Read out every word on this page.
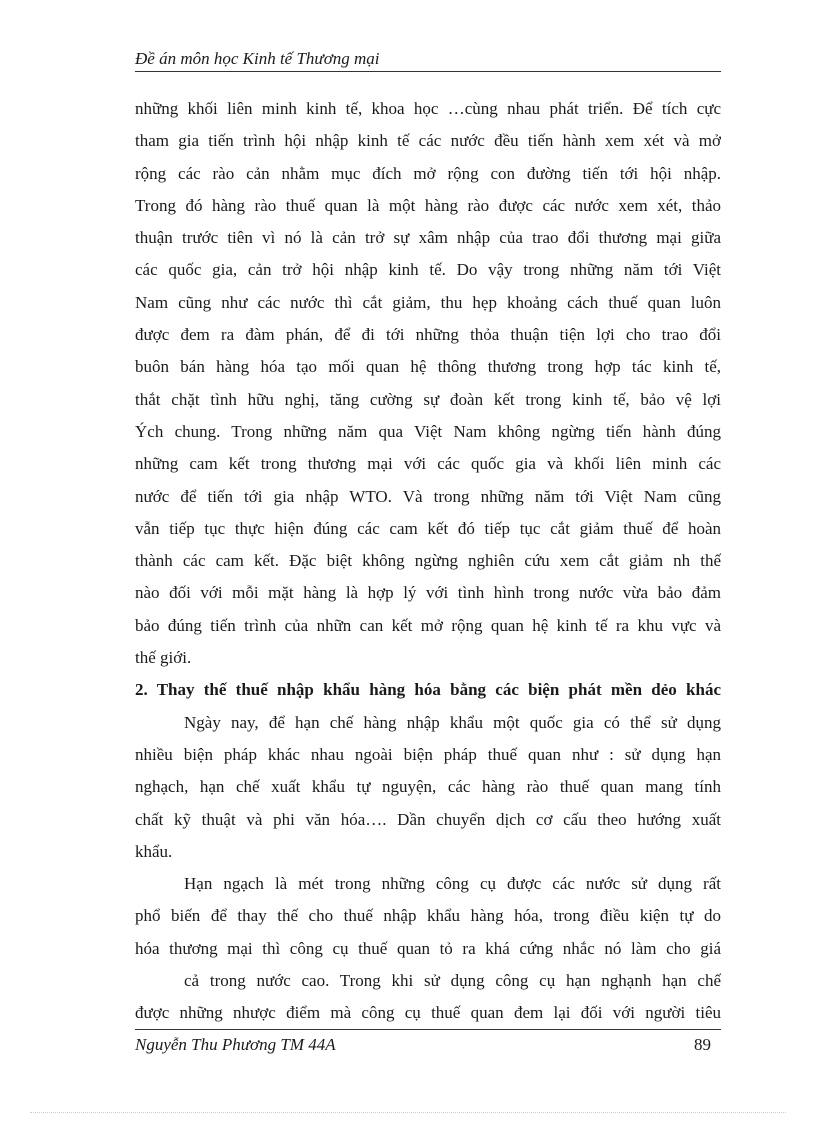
Đề án môn học Kinh tế Thương mại
những khối liên minh kinh tế, khoa học …cùng nhau phát triển. Để tích cực
tham gia tiến trình hội nhập kinh tế các nước đều tiến hành xem xét và mở
rộng các rào cản nhằm mục đích mở rộng con đường tiến tới hội nhập.
Trong đó hàng rào thuế quan là một hàng rào được các nước xem xét, thảo
thuận trước tiên vì nó là cản trở sự xâm nhập của trao đổi thương mại giữa
các quốc gia, cản trở hội nhập kinh tế. Do vậy trong những năm tới Việt
Nam cũng như các nước thì cắt giảm, thu hẹp khoảng cách thuế quan luôn
được đem ra đàm phán, để đi tới những thỏa thuận tiện lợi cho trao đổi
buôn bán hàng hóa tạo mối quan hệ thông thương trong hợp tác kinh tế,
thắt chặt tình hữu nghị, tăng cường sự đoàn kết trong kinh tế, bảo vệ lợi
Ých chung. Trong những năm qua Việt Nam không ngừng tiến hành đúng
những cam kết trong thương mại với các quốc gia và khối liên minh các
nước để tiến tới gia nhập WTO. Và trong những năm tới Việt Nam cũng
vẫn tiếp tục thực hiện đúng các cam kết đó tiếp tục cắt giảm thuế để hoàn
thành các cam kết. Đặc biệt không ngừng nghiên cứu xem cắt giảm nh thế
nào đối với mỗi mặt hàng là hợp lý với tình hình trong nước vừa bảo đảm
bảo đúng tiến trình của nhữn can kết mở rộng quan hệ kinh tế ra khu vực và
thế giới.
2. Thay thế thuế nhập khẩu hàng hóa bằng các biện phát mền dẻo khác
Ngày nay, để hạn chế hàng nhập khẩu một quốc gia có thể sử dụng
nhiều biện pháp khác nhau ngoài biện pháp thuế quan như : sử dụng hạn
nghạch, hạn chế xuất khẩu tự nguyện, các hàng rào thuế quan mang tính
chất kỹ thuật và phi văn hóa…. Dần chuyển dịch cơ cấu theo hướng xuất
khẩu.
Hạn ngạch là mét trong những công cụ được các nước sử dụng rất
phổ biến để thay thế cho thuế nhập khẩu hàng hóa, trong điều kiện tự do
hóa thương mại thì công cụ thuế quan tỏ ra khá cứng nhắc nó làm cho giá
cả trong nước cao. Trong khi sử dụng công cụ hạn nghạnh hạn chế
được những nhược điểm mà công cụ thuế quan đem lại đối với người tiêu
Nguyễn Thu Phương TM 44A	89
